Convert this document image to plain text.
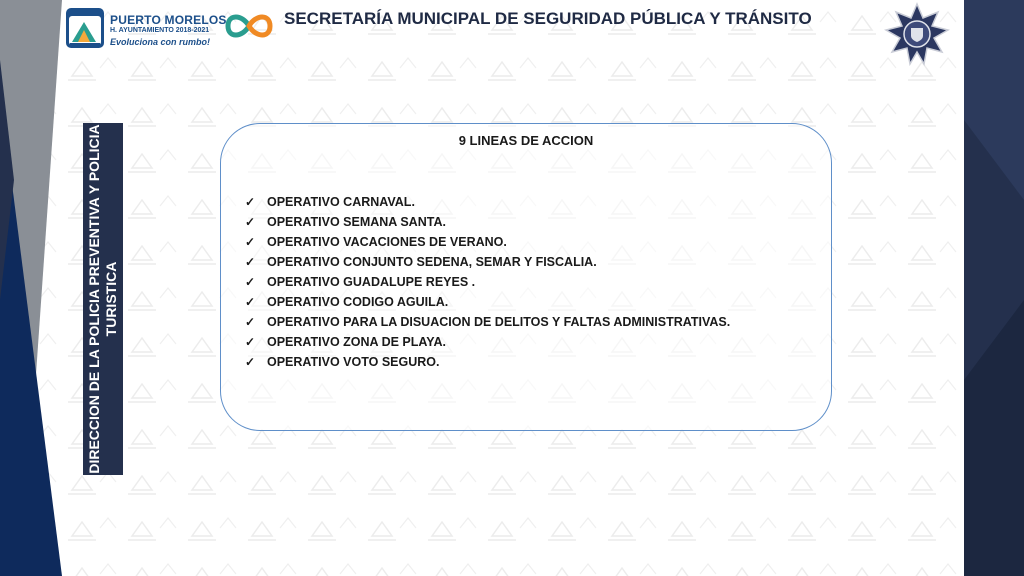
PUERTO MORELOS
H. AYUNTAMIENTO 2018-2021
Evoluciona con rumbo!
SECRETARÍA MUNICIPAL DE SEGURIDAD PÚBLICA Y TRÁNSITO
DIRECCION DE LA POLICIA PREVENTIVA Y POLICIA TURISTICA
9 LINEAS DE ACCION
✓ OPERATIVO CARNAVAL.
✓ OPERATIVO SEMANA SANTA.
✓ OPERATIVO VACACIONES DE VERANO.
✓ OPERATIVO CONJUNTO SEDENA, SEMAR Y FISCALIA.
✓ OPERATIVO GUADALUPE REYES .
✓ OPERATIVO CODIGO AGUILA.
✓ OPERATIVO PARA LA DISUACION DE DELITOS Y FALTAS ADMINISTRATIVAS.
✓ OPERATIVO ZONA DE PLAYA.
✓ OPERATIVO VOTO SEGURO.
